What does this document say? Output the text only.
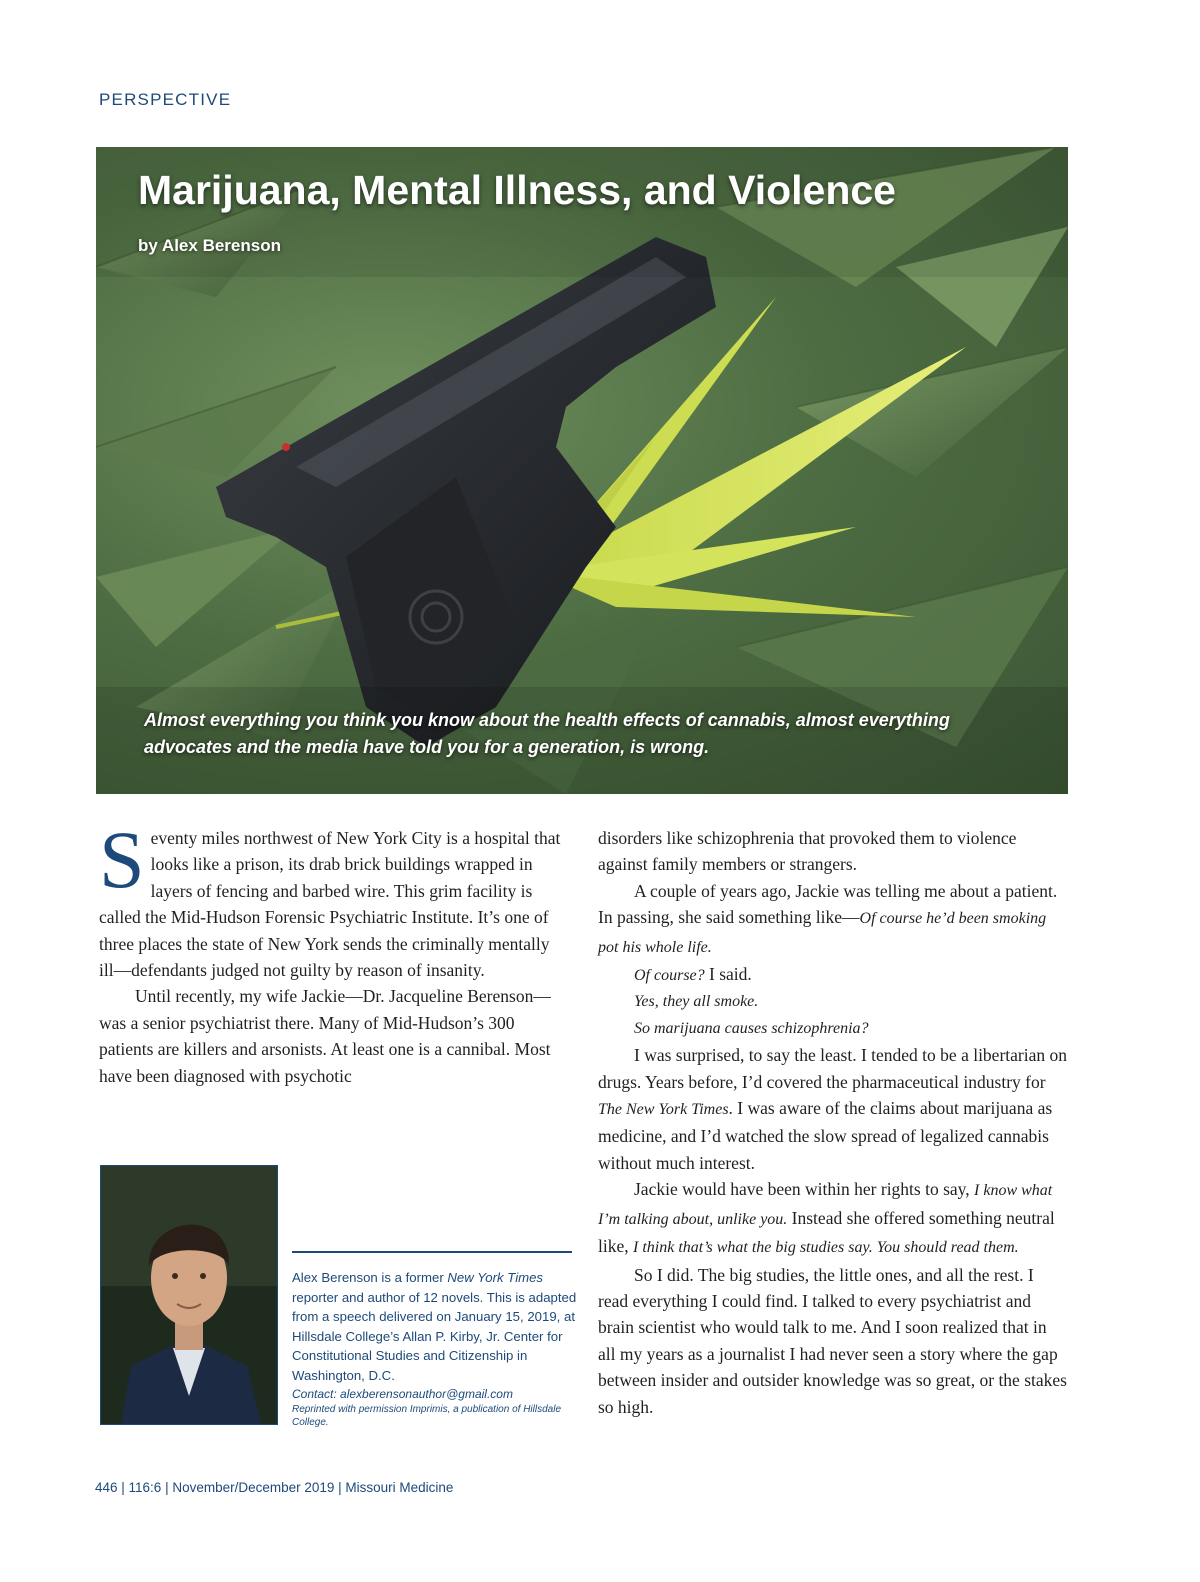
PERSPECTIVE
Marijuana, Mental Illness, and Violence
by Alex Berenson
Almost everything you think you know about the health effects of cannabis, almost everything advocates and the media have told you for a generation, is wrong.

Seventy miles northwest of New York City is a hospital that looks like a prison, its drab brick buildings wrapped in layers of fencing and barbed wire. This grim facility is called the Mid-Hudson Forensic Psychiatric Institute. It’s one of three places the state of New York sends the criminally mentally ill—defendants judged not guilty by reason of insanity.

Until recently, my wife Jackie—Dr. Jacqueline Berenson—was a senior psychiatrist there. Many of Mid-Hudson’s 300 patients are killers and arsonists. At least one is a cannibal. Most have been diagnosed with psychotic

disorders like schizophrenia that provoked them to violence against family members or strangers.

A couple of years ago, Jackie was telling me about a patient. In passing, she said something like—Of course he’d been smoking pot his whole life.

Of course? I said.

Yes, they all smoke.

So marijuana causes schizophrenia?

I was surprised, to say the least. I tended to be a libertarian on drugs. Years before, I’d covered the pharmaceutical industry for The New York Times. I was aware of the claims about marijuana as medicine, and I’d watched the slow spread of legalized cannabis without much interest.

Jackie would have been within her rights to say, I know what I’m talking about, unlike you. Instead she offered something neutral like, I think that’s what the big studies say. You should read them.

So I did. The big studies, the little ones, and all the rest. I read everything I could find. I talked to every psychiatrist and brain scientist who would talk to me. And I soon realized that in all my years as a journalist I had never seen a story where the gap between insider and outsider knowledge was so great, or the stakes so high.

Alex Berenson is a former New York Times reporter and author of 12 novels. This is adapted from a speech delivered on January 15, 2019, at Hillsdale College’s Allan P. Kirby, Jr. Center for Constitutional Studies and Citizenship in Washington, D.C.
Contact: alexberensonauthor@gmail.com
Reprinted with permission Imprimis, a publication of Hillsdale College.
446 | 116:6 | November/December 2019 | Missouri Medicine
